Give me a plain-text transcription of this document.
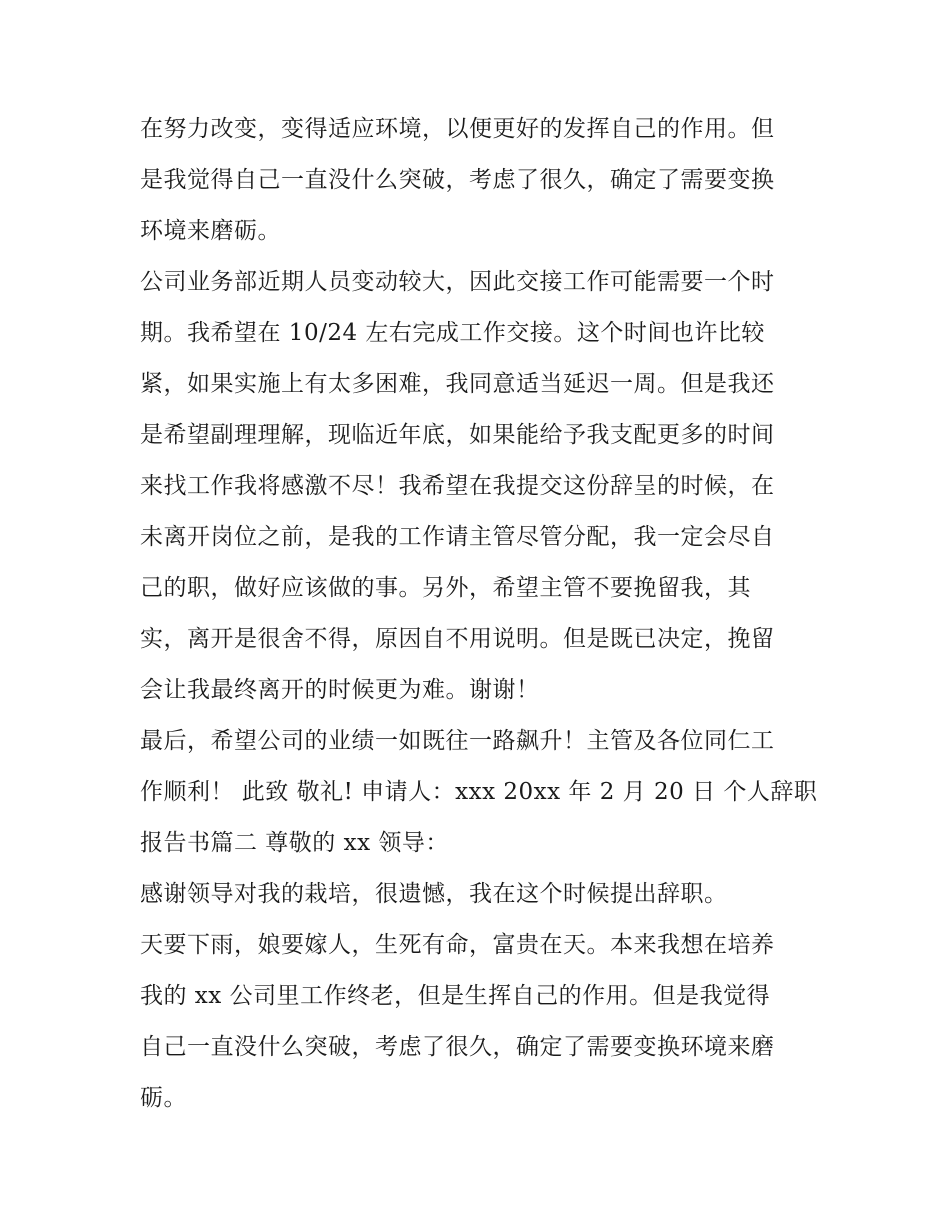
在努力改变，变得适应环境，以便更好的发挥自己的作用。但
是我觉得自己一直没什么突破，考虑了很久，确定了需要变换
环境来磨砺。
公司业务部近期人员变动较大，因此交接工作可能需要一个时
期。我希望在 10/24 左右完成工作交接。这个时间也许比较
紧，如果实施上有太多困难，我同意适当延迟一周。但是我还
是希望副理理解，现临近年底，如果能给予我支配更多的时间
来找工作我将感激不尽！我希望在我提交这份辞呈的时候，在
未离开岗位之前，是我的工作请主管尽管分配，我一定会尽自
己的职，做好应该做的事。另外，希望主管不要挽留我，其
实，离开是很舍不得，原因自不用说明。但是既已决定，挽留
会让我最终离开的时候更为难。谢谢！
最后，希望公司的业绩一如既往一路飙升！主管及各位同仁工
作顺利！ 此致 敬礼! 申请人：xxx 20xx 年 2 月 20 日 个人辞职
报告书篇二 尊敬的 xx 领导：
感谢领导对我的栽培，很遗憾，我在这个时候提出辞职。
天要下雨，娘要嫁人，生死有命，富贵在天。本来我想在培养
我的 xx 公司里工作终老，但是生挥自己的作用。但是我觉得
自己一直没什么突破，考虑了很久，确定了需要变换环境来磨
砺。
